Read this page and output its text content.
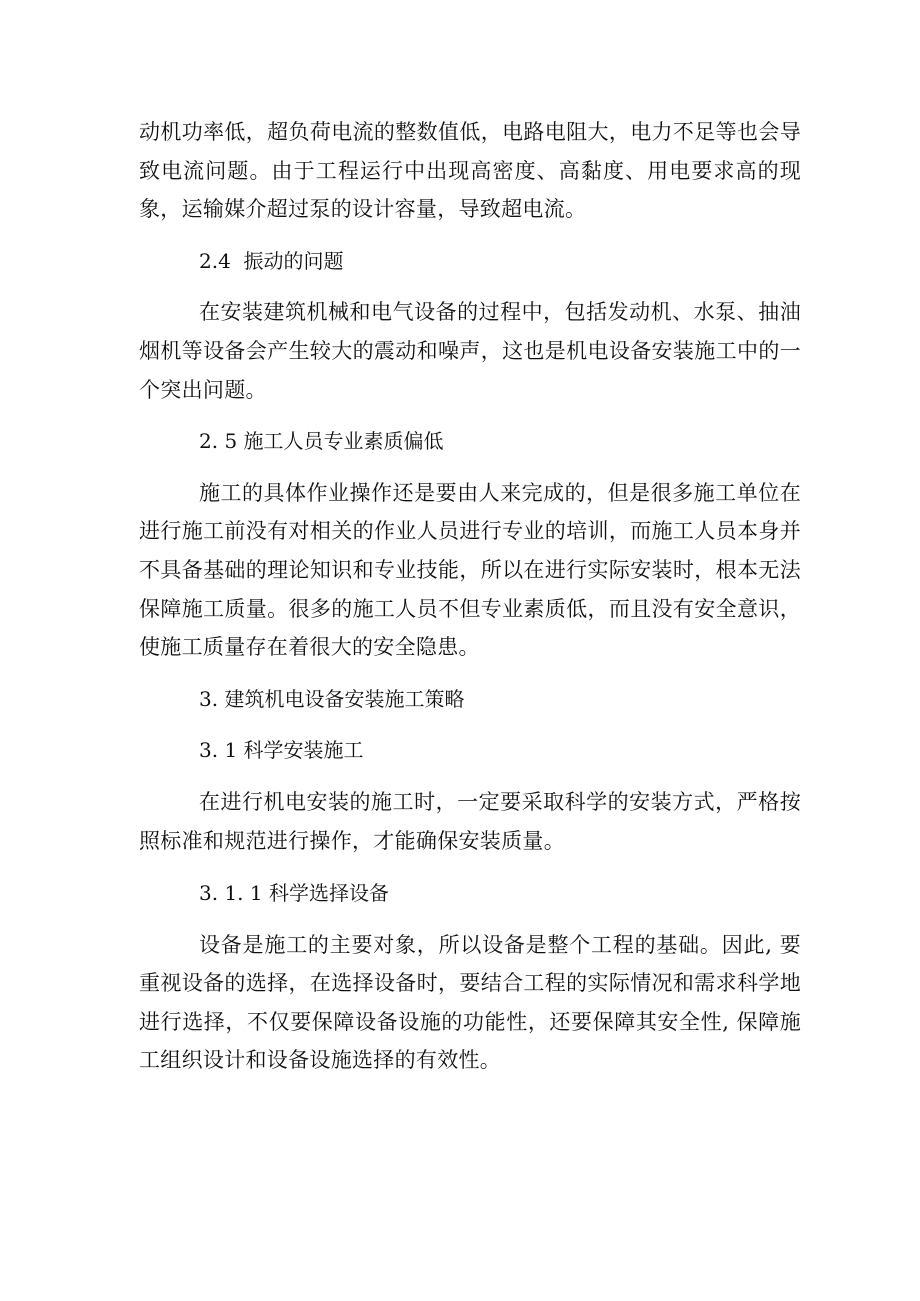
动机功率低，超负荷电流的整数值低，电路电阻大，电力不足等也会导致电流问题。由于工程运行中出现高密度、高黏度、用电要求高的现象，运输媒介超过泵的设计容量，导致超电流。

2.4  振动的问题

在安装建筑机械和电气设备的过程中，包括发动机、水泵、抽油烟机等设备会产生较大的震动和噪声，这也是机电设备安装施工中的一个突出问题。

2. 5 施工人员专业素质偏低

施工的具体作业操作还是要由人来完成的，但是很多施工单位在进行施工前没有对相关的作业人员进行专业的培训，而施工人员本身并不具备基础的理论知识和专业技能，所以在进行实际安装时，根本无法保障施工质量。很多的施工人员不但专业素质低，而且没有安全意识，使施工质量存在着很大的安全隐患。

3. 建筑机电设备安装施工策略

3. 1 科学安装施工

在进行机电安装的施工时，一定要采取科学的安装方式，严格按照标准和规范进行操作，才能确保安装质量。

3. 1. 1 科学选择设备

设备是施工的主要对象，所以设备是整个工程的基础。因此, 要重视设备的选择，在选择设备时，要结合工程的实际情况和需求科学地进行选择，不仅要保障设备设施的功能性，还要保障其安全性, 保障施工组织设计和设备设施选择的有效性。
